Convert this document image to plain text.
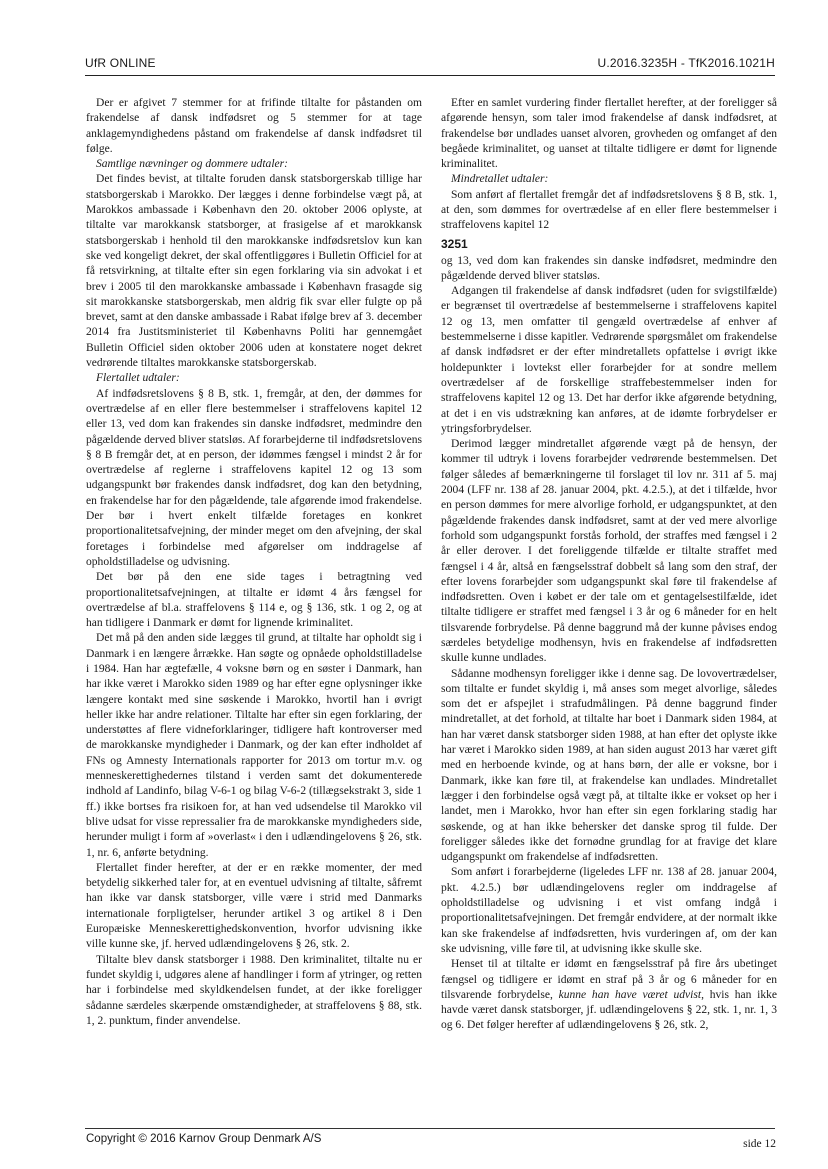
UfR ONLINE	U.2016.3235H - TfK2016.1021H

Der er afgivet 7 stemmer for at frifinde tiltalte for påstanden om frakendelse af dansk indfødsret og 5 stemmer for at tage anklagemyndighedens påstand om frakendelse af dansk indfødsret til følge.

Samtlige nævninger og dommere udtaler:

Det findes bevist, at tiltalte foruden dansk statsborgerskab tillige har statsborgerskab i Marokko. Der lægges i denne forbindelse vægt på, at Marokkos ambassade i København den 20. oktober 2006 oplyste, at tiltalte var marokkansk statsborger, at frasigelse af et marokkansk statsborgerskab i henhold til den marokkanske indfødsretslov kun kan ske ved kongeligt dekret, der skal offentliggøres i Bulletin Officiel for at få retsvirkning, at tiltalte efter sin egen forklaring via sin advokat i et brev i 2005 til den marokkanske ambassade i København frasagde sig sit marokkanske statsborgerskab, men aldrig fik svar eller fulgte op på brevet, samt at den danske ambassade i Rabat ifølge brev af 3. december 2014 fra Justitsministeriet til Københavns Politi har gennemgået Bulletin Officiel siden oktober 2006 uden at konstatere noget dekret vedrørende tiltaltes marokkanske statsborgerskab.

Flertallet udtaler:

Af indfødsretslovens § 8 B, stk. 1, fremgår, at den, der dømmes for overtrædelse af en eller flere bestemmelser i straffelovens kapitel 12 eller 13, ved dom kan frakendes sin danske indfødsret, medmindre den pågældende derved bliver statsløs. Af forarbejderne til indfødsretslovens § 8 B fremgår det, at en person, der idømmes fængsel i mindst 2 år for overtrædelse af reglerne i straffelovens kapitel 12 og 13 som udgangspunkt bør frakendes dansk indfødsret, dog kan den betydning, en frakendelse har for den pågældende, tale afgørende imod frakendelse. Der bør i hvert enkelt tilfælde foretages en konkret proportionalitetsafvejning, der minder meget om den afvejning, der skal foretages i forbindelse med afgørelser om inddragelse af opholdstilladelse og udvisning.

Det bør på den ene side tages i betragtning ved proportionalitetsafvejningen, at tiltalte er idømt 4 års fængsel for overtrædelse af bl.a. straffelovens § 114 e, og § 136, stk. 1 og 2, og at han tidligere i Danmark er dømt for lignende kriminalitet.

Det må på den anden side lægges til grund, at tiltalte har opholdt sig i Danmark i en længere årrække. Han søgte og opnåede opholdstilladelse i 1984. Han har ægtefælle, 4 voksne børn og en søster i Danmark, han har ikke været i Marokko siden 1989 og har efter egne oplysninger ikke længere kontakt med sine søskende i Marokko, hvortil han i øvrigt heller ikke har andre relationer. Tiltalte har efter sin egen forklaring, der understøttes af flere vidneforklaringer, tidligere haft kontroverser med de marokkanske myndigheder i Danmark, og der kan efter indholdet af FNs og Amnesty Internationals rapporter for 2013 om tortur m.v. og menneskerettighedernes tilstand i verden samt det dokumenterede indhold af Landinfo, bilag V-6-1 og bilag V-6-2 (tillægsekstrakt 3, side 1 ff.) ikke bortses fra risikoen for, at han ved udsendelse til Marokko vil blive udsat for visse repressalier fra de marokkanske myndigheders side, herunder muligt i form af »overlast« i den i udlændingelovens § 26, stk. 1, nr. 6, anførte betydning.

Flertallet finder herefter, at der er en række momenter, der med betydelig sikkerhed taler for, at en eventuel udvisning af tiltalte, såfremt han ikke var dansk statsborger, ville være i strid med Danmarks internationale forpligtelser, herunder artikel 3 og artikel 8 i Den Europæiske Menneskerettighedskonvention, hvorfor udvisning ikke ville kunne ske, jf. herved udlændingelovens § 26, stk. 2.

Tiltalte blev dansk statsborger i 1988. Den kriminalitet, tiltalte nu er fundet skyldig i, udgøres alene af handlinger i form af ytringer, og retten har i forbindelse med skyldkendelsen fundet, at der ikke foreligger sådanne særdeles skærpende omstændigheder, at straffelovens § 88, stk. 1, 2. punktum, finder anvendelse.

Efter en samlet vurdering finder flertallet herefter, at der foreligger så afgørende hensyn, som taler imod frakendelse af dansk indfødsret, at frakendelse bør undlades uanset alvoren, grovheden og omfanget af den begåede kriminalitet, og uanset at tiltalte tidligere er dømt for lignende kriminalitet.

Mindretallet udtaler:

Som anført af flertallet fremgår det af indfødsretslovens § 8 B, stk. 1, at den, som dømmes for overtrædelse af en eller flere bestemmelser i straffelovens kapitel 12

3251

og 13, ved dom kan frakendes sin danske indfødsret, medmindre den pågældende derved bliver statsløs.

Adgangen til frakendelse af dansk indfødsret (uden for svigstilfælde) er begrænset til overtrædelse af bestemmelserne i straffelovens kapitel 12 og 13, men omfatter til gengæld overtrædelse af enhver af bestemmelserne i disse kapitler. Vedrørende spørgsmålet om frakendelse af dansk indfødsret er der efter mindretallets opfattelse i øvrigt ikke holdepunkter i lovtekst eller forarbejder for at sondre mellem overtrædelser af de forskellige straffebestemmelser inden for straffelovens kapitel 12 og 13. Det har derfor ikke afgørende betydning, at det i en vis udstrækning kan anføres, at de idømte forbrydelser er ytringsforbrydelser.

Derimod lægger mindretallet afgørende vægt på de hensyn, der kommer til udtryk i lovens forarbejder vedrørende bestemmelsen. Det følger således af bemærkningerne til forslaget til lov nr. 311 af 5. maj 2004 (LFF nr. 138 af 28. januar 2004, pkt. 4.2.5.), at det i tilfælde, hvor en person dømmes for mere alvorlige forhold, er udgangspunktet, at den pågældende frakendes dansk indfødsret, samt at der ved mere alvorlige forhold som udgangspunkt forstås forhold, der straffes med fængsel i 2 år eller derover. I det foreliggende tilfælde er tiltalte straffet med fængsel i 4 år, altså en fængselsstraf dobbelt så lang som den straf, der efter lovens forarbejder som udgangspunkt skal føre til frakendelse af indfødsretten. Oven i købet er der tale om et gentagelsestilfælde, idet tiltalte tidligere er straffet med fængsel i 3 år og 6 måneder for en helt tilsvarende forbrydelse. På denne baggrund må der kunne påvises endog særdeles betydelige modhensyn, hvis en frakendelse af indfødsretten skulle kunne undlades.

Sådanne modhensyn foreligger ikke i denne sag. De lovovertrædelser, som tiltalte er fundet skyldig i, må anses som meget alvorlige, således som det er afspejlet i strafudmålingen. På denne baggrund finder mindretallet, at det forhold, at tiltalte har boet i Danmark siden 1984, at han har været dansk statsborger siden 1988, at han efter det oplyste ikke har været i Marokko siden 1989, at han siden august 2013 har været gift med en herboende kvinde, og at hans børn, der alle er voksne, bor i Danmark, ikke kan føre til, at frakendelse kan undlades. Mindretallet lægger i den forbindelse også vægt på, at tiltalte ikke er vokset op her i landet, men i Marokko, hvor han efter sin egen forklaring stadig har søskende, og at han ikke behersker det danske sprog til fulde. Der foreligger således ikke det fornødne grundlag for at fravige det klare udgangspunkt om frakendelse af indfødsretten.

Som anført i forarbejderne (ligeledes LFF nr. 138 af 28. januar 2004, pkt. 4.2.5.) bør udlændingelovens regler om inddragelse af opholdstilladelse og udvisning i et vist omfang indgå i proportionalitetsafvejningen. Det fremgår endvidere, at der normalt ikke kan ske frakendelse af indfødsretten, hvis vurderingen af, om der kan ske udvisning, ville føre til, at udvisning ikke skulle ske.

Henset til at tiltalte er idømt en fængselsstraf på fire års ubetinget fængsel og tidligere er idømt en straf på 3 år og 6 måneder for en tilsvarende forbrydelse, kunne han have været udvist, hvis han ikke havde været dansk statsborger, jf. udlændingelovens § 22, stk. 1, nr. 1, 3 og 6. Det følger herefter af udlændingelovens § 26, stk. 2,

Copyright © 2016 Karnov Group Denmark A/S	side 12
